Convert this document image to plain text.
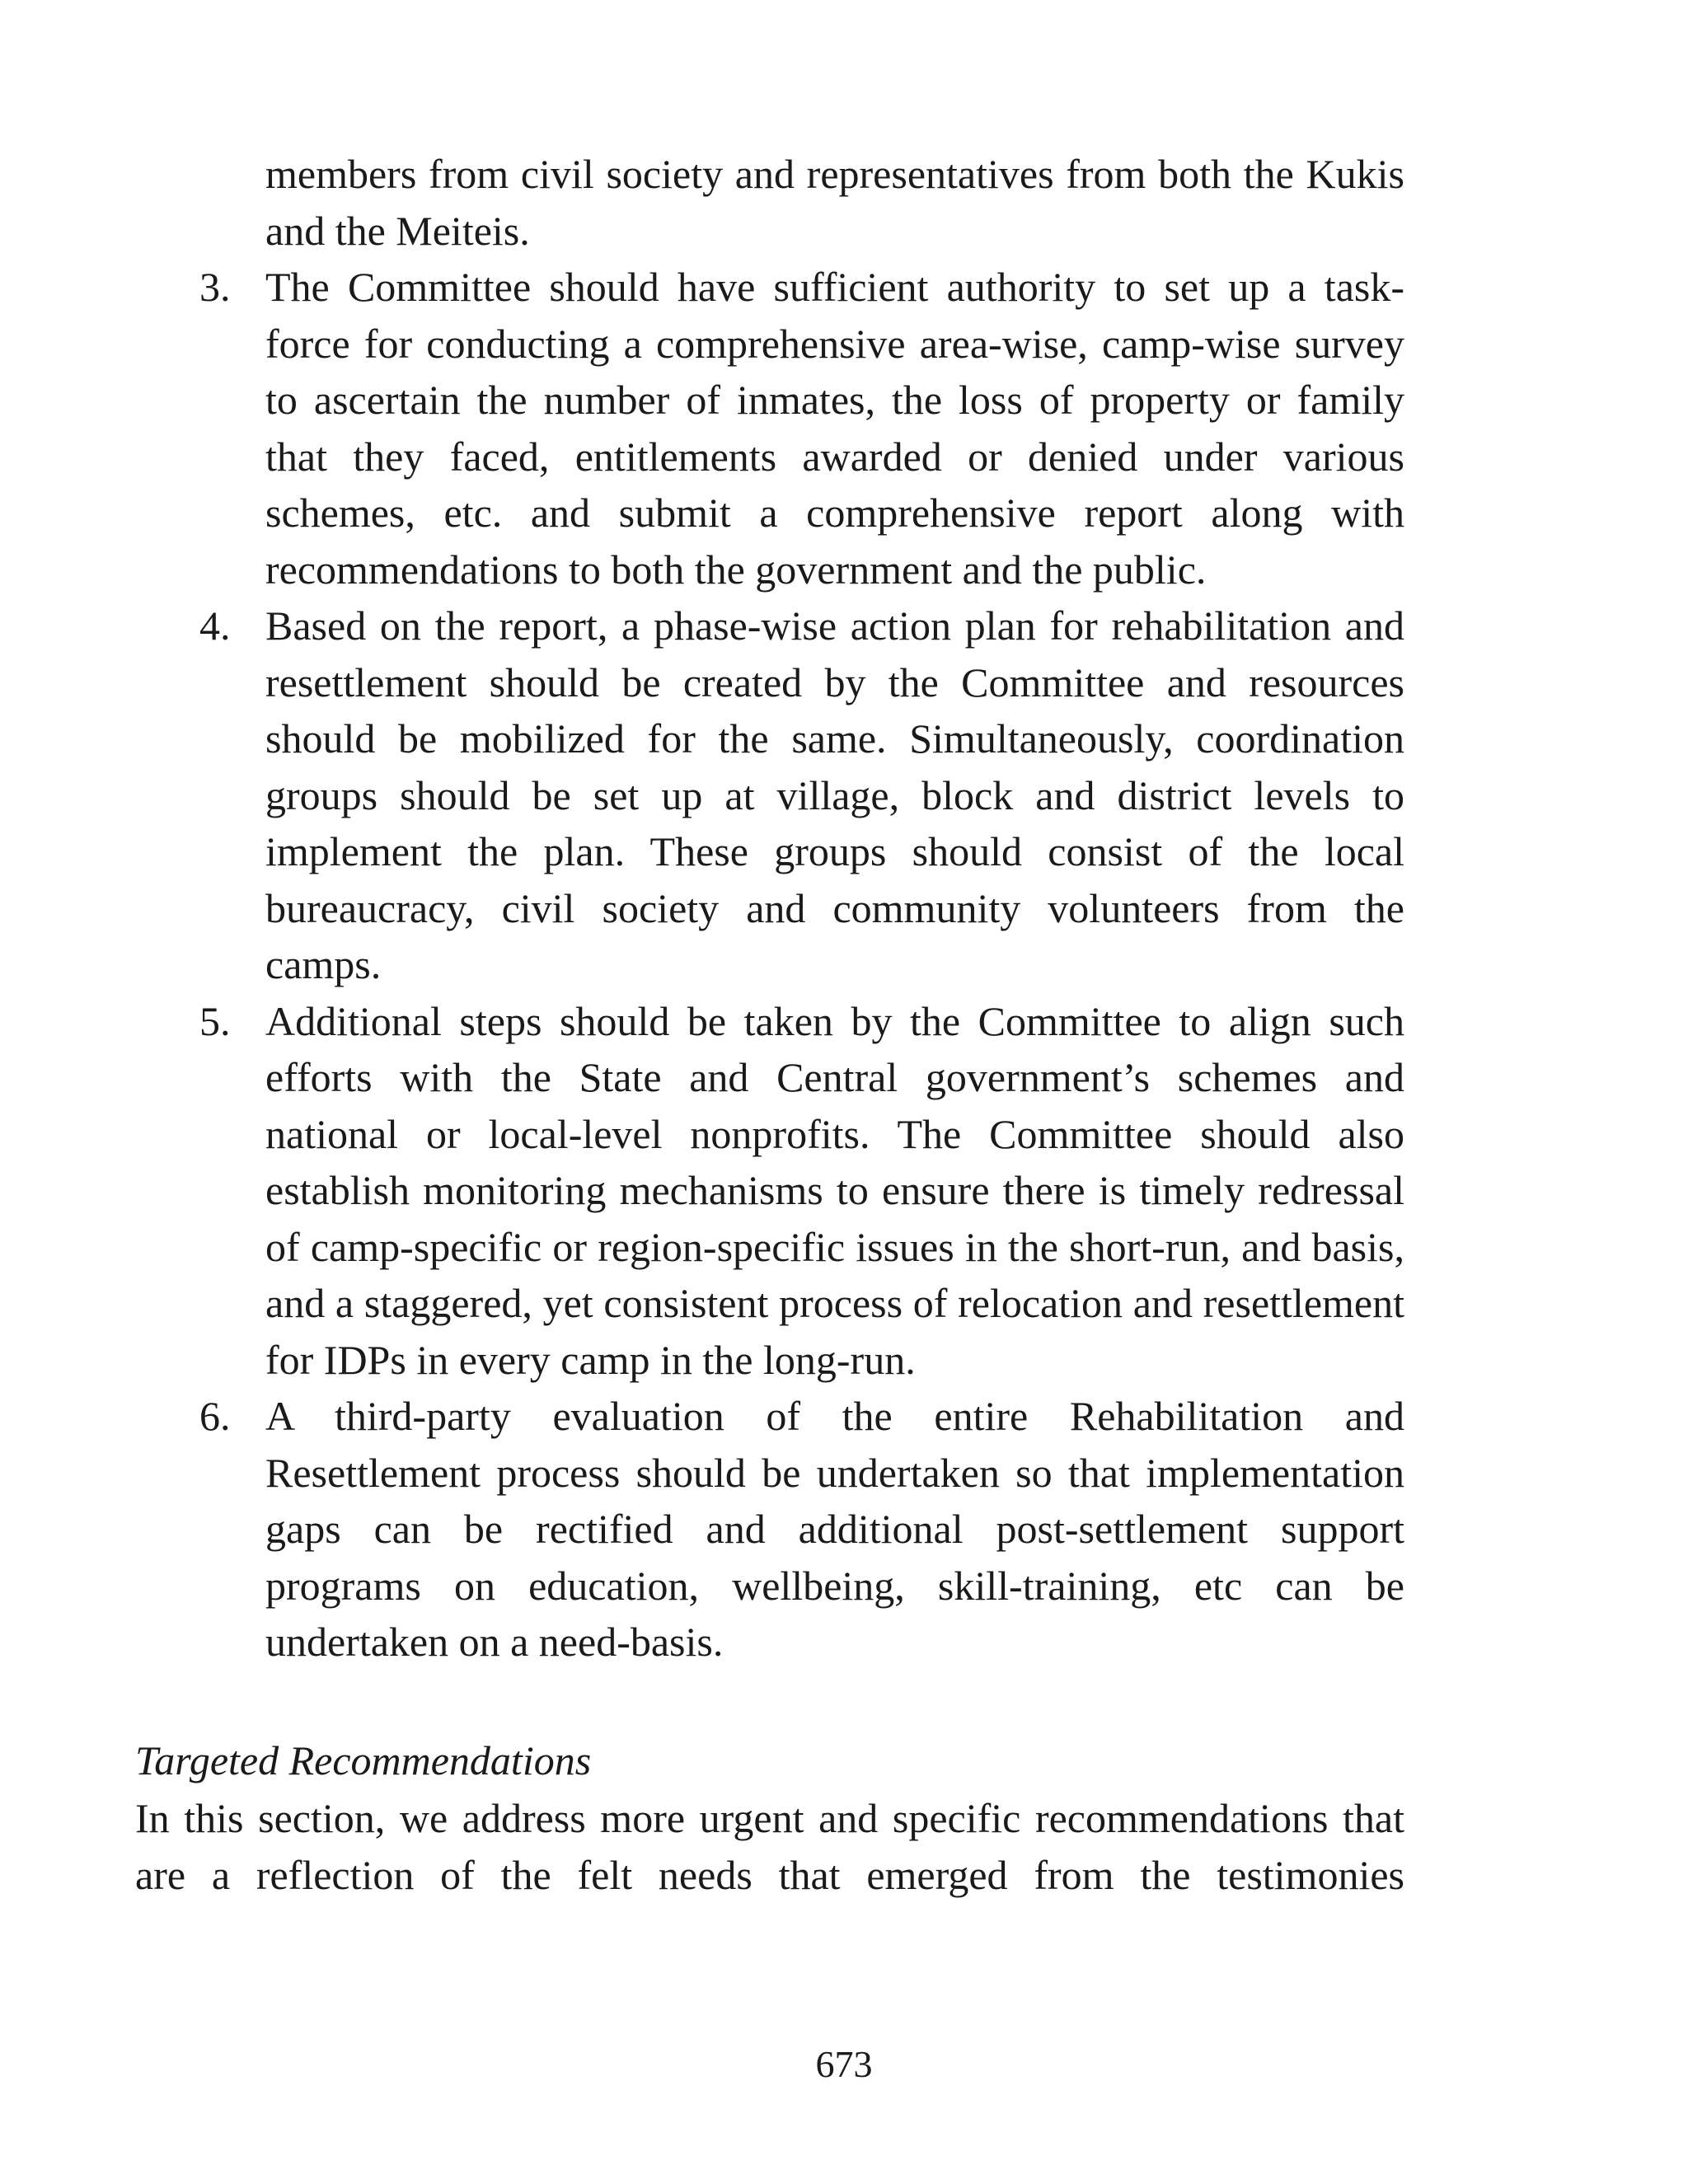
members from civil society and representatives from both the Kukis and the Meiteis.

3. The Committee should have sufficient authority to set up a task-force for conducting a comprehensive area-wise, camp-wise survey to ascertain the number of inmates, the loss of property or family that they faced, entitlements awarded or denied under various schemes, etc. and submit a comprehensive report along with recommendations to both the government and the public.
4. Based on the report, a phase-wise action plan for rehabilitation and resettlement should be created by the Committee and resources should be mobilized for the same. Simultaneously, coordination groups should be set up at village, block and district levels to implement the plan. These groups should consist of the local bureaucracy, civil society and community volunteers from the camps.
5. Additional steps should be taken by the Committee to align such efforts with the State and Central government’s schemes and national or local-level nonprofits. The Committee should also establish monitoring mechanisms to ensure there is timely redressal of camp-specific or region-specific issues in the short-run, and basis, and a staggered, yet consistent process of relocation and resettlement for IDPs in every camp in the long-run.
6. A third-party evaluation of the entire Rehabilitation and Resettlement process should be undertaken so that implementation gaps can be rectified and additional post-settlement support programs on education, wellbeing, skill-training, etc can be undertaken on a need-basis.
Targeted Recommendations

In this section, we address more urgent and specific recommendations that are a reflection of the felt needs that emerged from the testimonies

673
